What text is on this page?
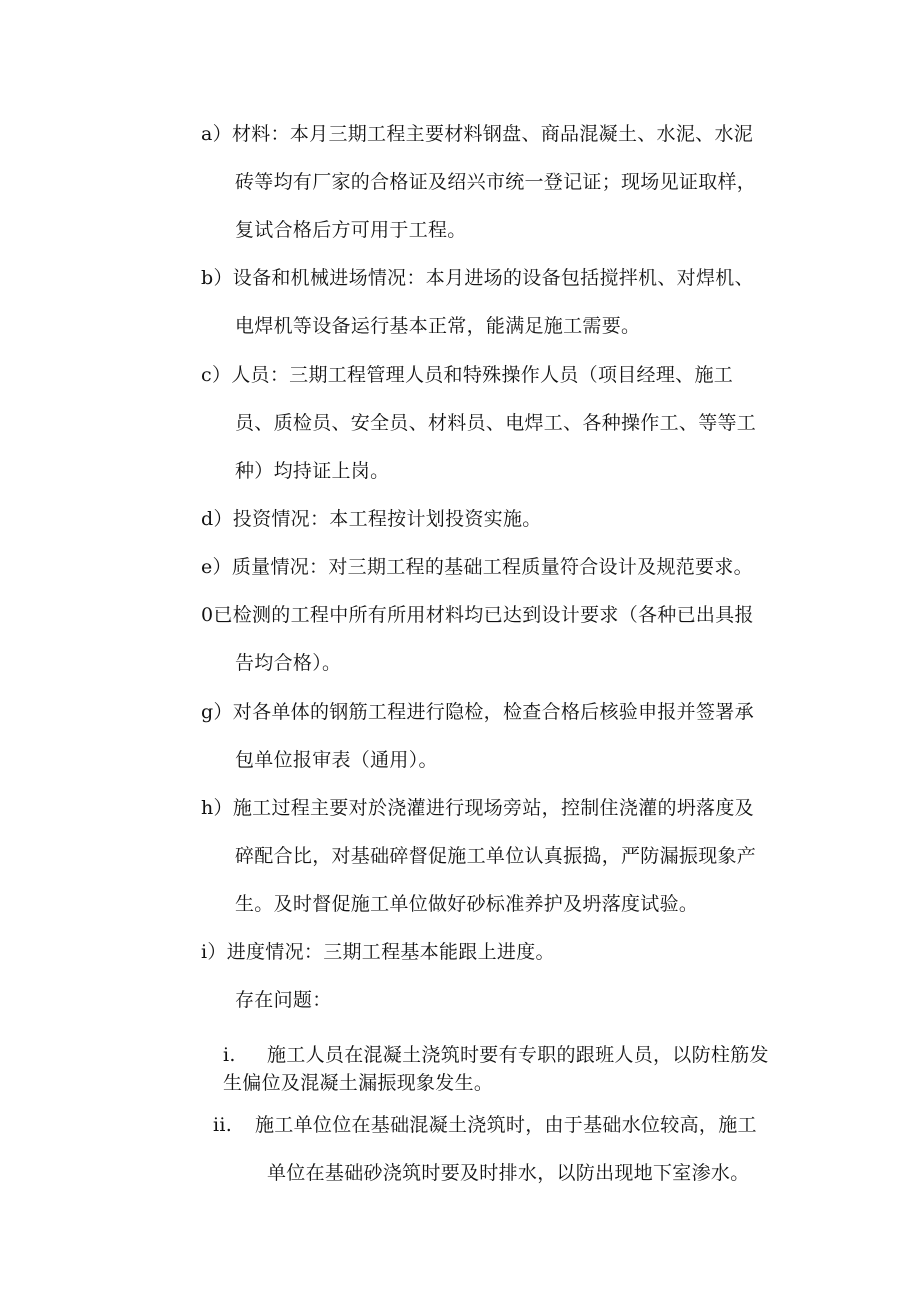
a）材料：本月三期工程主要材料钢盘、商品混凝土、水泥、水泥
砖等均有厂家的合格证及绍兴市统一登记证；现场见证取样，
复试合格后方可用于工程。
b）设备和机械进场情况：本月进场的设备包括搅拌机、对焊机、
电焊机等设备运行基本正常，能满足施工需要。
c）人员：三期工程管理人员和特殊操作人员（项目经理、施工
员、质检员、安全员、材料员、电焊工、各种操作工、等等工
种）均持证上岗。
d）投资情况：本工程按计划投资实施。
e）质量情况：对三期工程的基础工程质量符合设计及规范要求。
0已检测的工程中所有所用材料均已达到设计要求（各种已出具报
告均合格）。
g）对各单体的钢筋工程进行隐检，检查合格后核验申报并签署承
包单位报审表（通用）。
h）施工过程主要对於浇灌进行现场旁站，控制住浇灌的坍落度及
碎配合比，对基础碎督促施工单位认真振捣，严防漏振现象产
生。及时督促施工单位做好砂标准养护及坍落度试验。
i）进度情况：三期工程基本能跟上进度。
存在问题：
i. 施工人员在混凝土浇筑时要有专职的跟班人员，以防柱筋发
生偏位及混凝土漏振现象发生。
ii. 施工单位位在基础混凝土浇筑时，由于基础水位较高，施工
单位在基础砂浇筑时要及时排水，以防出现地下室渗水。
